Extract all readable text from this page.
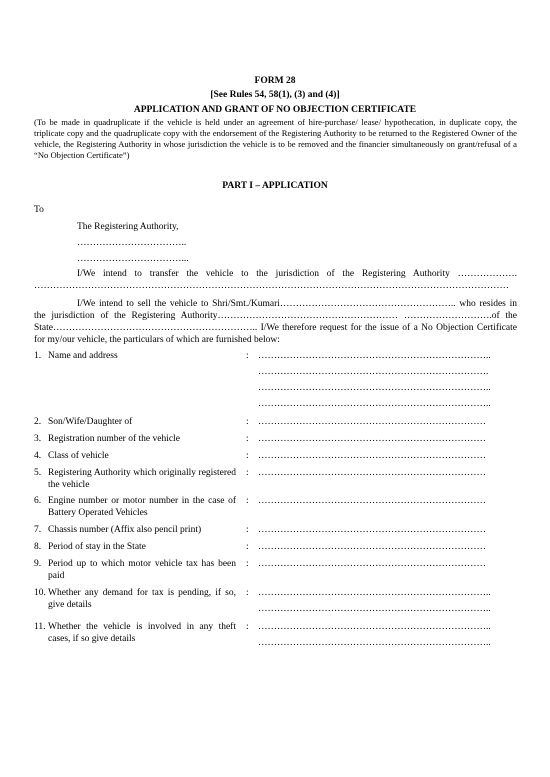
FORM 28
[See Rules 54, 58(1), (3) and (4)]
APPLICATION AND GRANT OF NO OBJECTION CERTIFICATE
(To be made in quadruplicate if the vehicle is held under an agreement of hire-purchase/ lease/ hypothecation, in duplicate copy, the triplicate copy and the quadruplicate copy with the endorsement of the Registering Authority to be returned to the Registered Owner of the vehicle, the Registering Authority in whose jurisdiction the vehicle is to be removed and the financier simultaneously on grant/refusal of a “No Objection Certificate”)
PART I – APPLICATION
To
The Registering Authority,
……………………………..
……………………………...
I/We intend to transfer the vehicle to the jurisdiction of the Registering Authority ………………. ……………………………………………………………………………………………………………………………………
I/We intend to sell the vehicle to Shri/Smt./Kumari……………………………………………….. who resides in the jurisdiction of the Registering Authority………………………………………………… ……………………….of the State……………………………………………………….. I/We therefore request for the issue of a No Objection Certificate for my/our vehicle, the particulars of which are furnished below:
1. Name and address	: ………………………………………………………………..
……………………………………………………………….
………………………………………………………………..
………………………………………………………………..
2. Son/Wife/Daughter of	: ………………………………………………………………
3. Registration number of the vehicle	: ………………………………………………………………
4. Class of vehicle	: ………………………………………………………………
5. Registering Authority which originally registered the vehicle
: ………………………………………………………………
6. Engine number or motor number in the case of Battery Operated Vehicles
: ………………………………………………………………
7. Chassis number (Affix also pencil print)	: ………………………………………………………………
8. Period of stay in the State	: ………………………………………………………………
9. Period up to which motor vehicle tax has been paid
: ………………………………………………………………
10. Whether any demand for tax is pending, if so, give details
: ………………………………………………………………..
………………………………………………………………..
11. Whether the vehicle is involved in any theft cases, if so give details
: ………………………………………………………………..
………………………………………………………………..
